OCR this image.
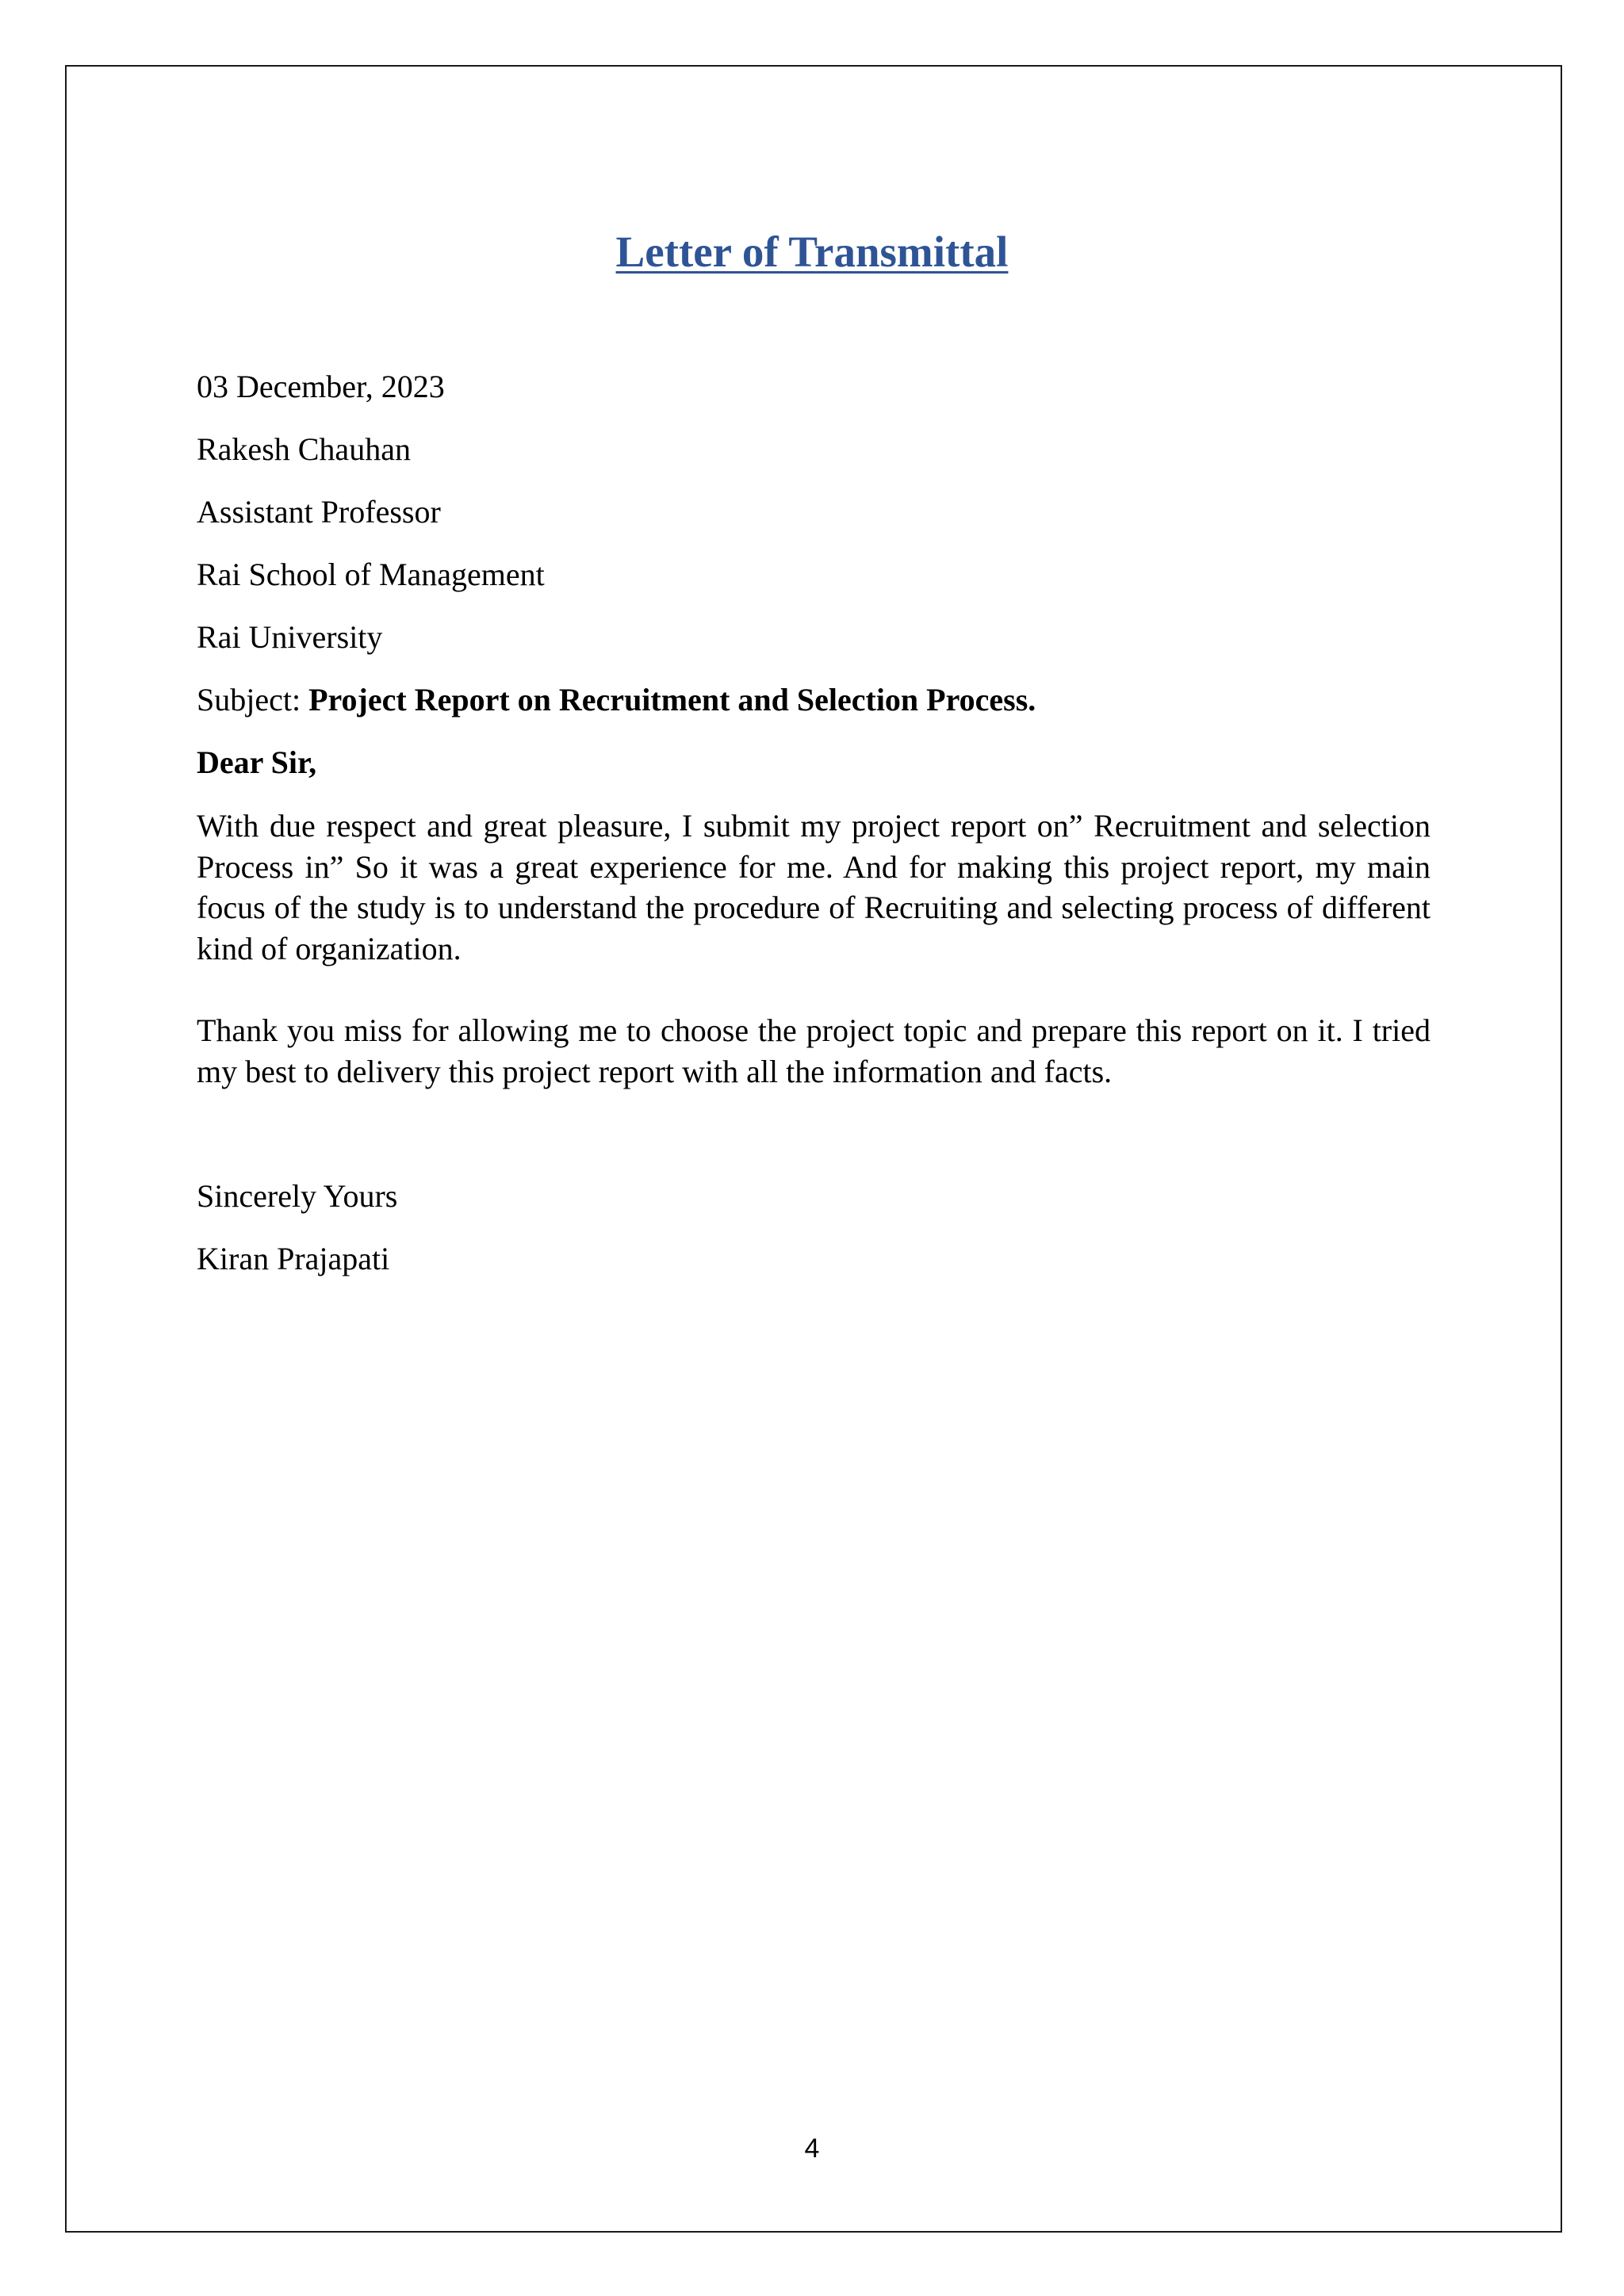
Letter of Transmittal
03 December, 2023
Rakesh Chauhan
Assistant Professor
Rai School of Management
Rai University
Subject: Project Report on Recruitment and Selection Process.
Dear Sir,
With due respect and great pleasure, I submit my project report on” Recruitment and selection Process in” So it was a great experience for me. And for making this project report, my main focus of the study is to understand the procedure of Recruiting and selecting process of different kind of organization.
Thank you miss for allowing me to choose the project topic and prepare this report on it. I tried my best to delivery this project report with all the information and facts.
Sincerely Yours
Kiran Prajapati
4
